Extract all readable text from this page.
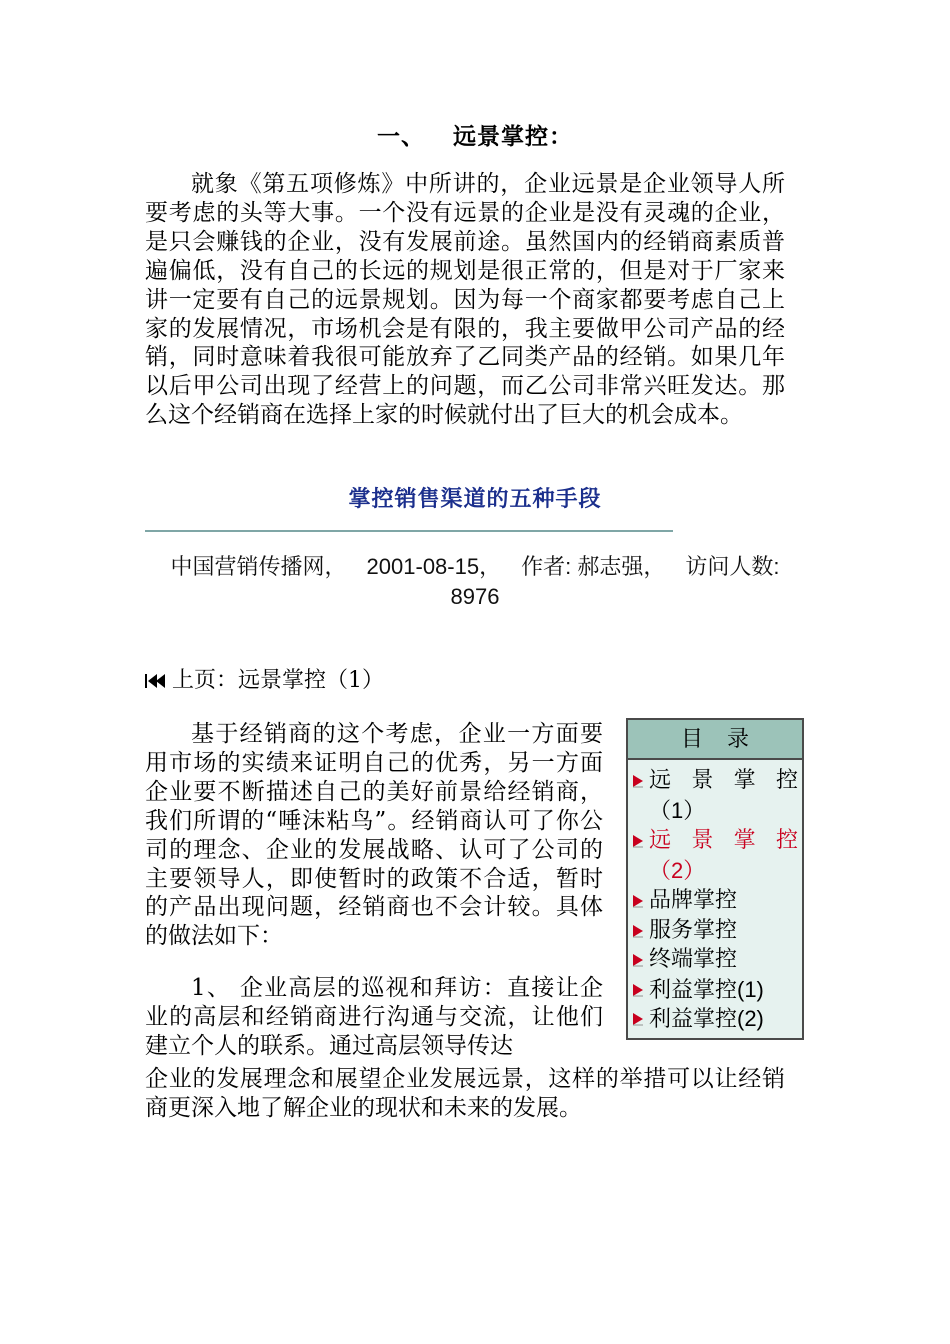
一、 远景掌控：

就象《第五项修炼》中所讲的，企业远景是企业领导人所要考虑的头等大事。一个没有远景的企业是没有灵魂的企业，是只会赚钱的企业，没有发展前途。虽然国内的经销商素质普遍偏低，没有自己的长远的规划是很正常的，但是对于厂家来讲一定要有自己的远景规划。因为每一个商家都要考虑自己上家的发展情况，市场机会是有限的，我主要做甲公司产品的经销，同时意味着我很可能放弃了乙同类产品的经销。如果几年以后甲公司出现了经营上的问题，而乙公司非常兴旺发达。那么这个经销商在选择上家的时候就付出了巨大的机会成本。

掌控销售渠道的五种手段
中国营销传播网， 2001-08-15， 作者: 郝志强， 访问人数: 8976
上页：远景掌控（1）

基于经销商的这个考虑，企业一方面要用市场的实绩来证明自己的优秀，另一方面企业要不断描述自己的美好前景给经销商，我们所谓的“唾沫粘鸟”。经销商认可了你公司的理念、企业的发展战略、认可了公司的主要领导人，即使暂时的政策不合适，暂时的产品出现问题，经销商也不会计较。具体的做法如下：

1、 企业高层的巡视和拜访：直接让企业的高层和经销商进行沟通与交流，让他们建立个人的联系。通过高层领导传达

企业的发展理念和展望企业发展远景，这样的举措可以让经销商更深入地了解企业的现状和未来的发展。

目录
远景掌控
（1）
远景掌控
（2）
品牌掌控
服务掌控
终端掌控
利益掌控(1)
利益掌控(2)
